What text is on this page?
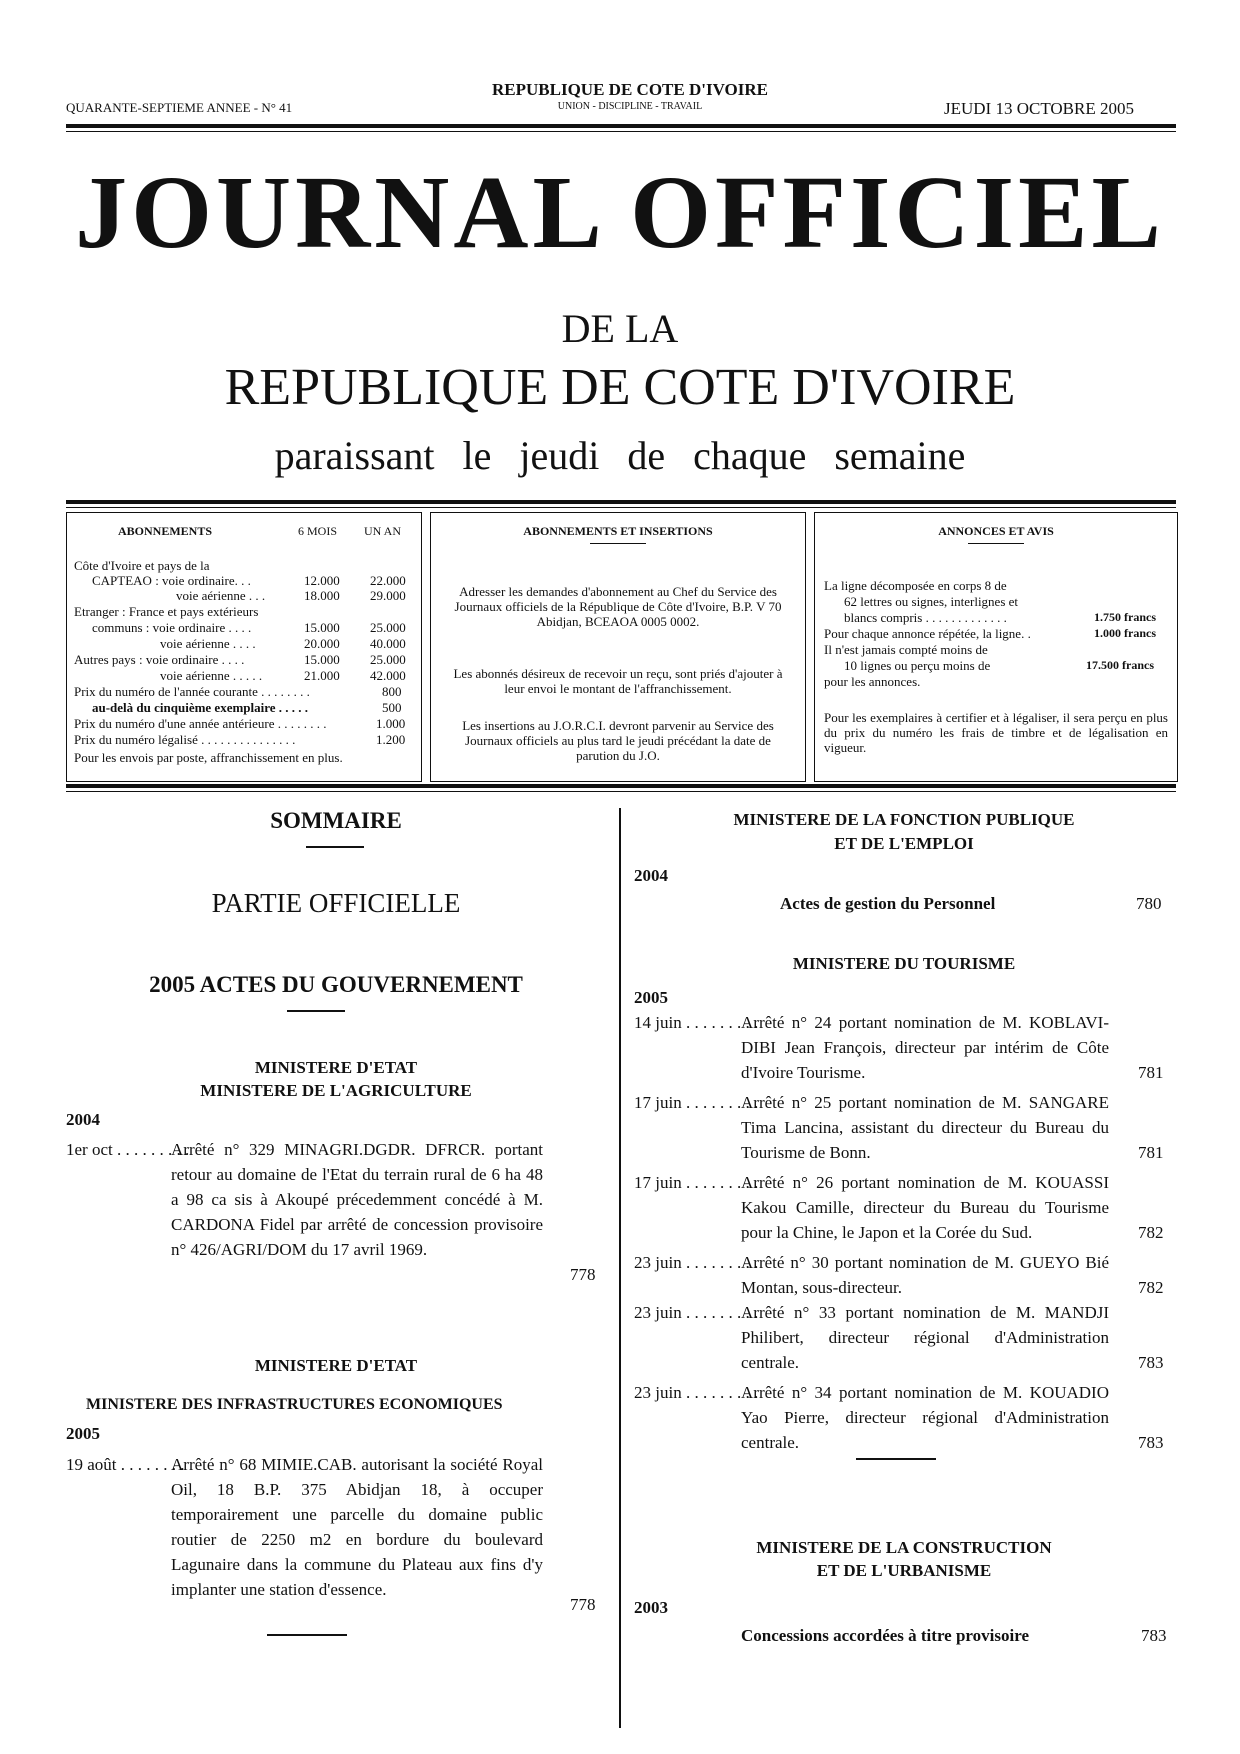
QUARANTE-SEPTIEME ANNEE - N° 41
REPUBLIQUE DE COTE D'IVOIRE
UNION - DISCIPLINE - TRAVAIL	JEUDI 13 OCTOBRE 2005
JOURNAL OFFICIEL
DE LA
REPUBLIQUE DE COTE D'IVOIRE
paraissant le jeudi de chaque semaine
ABONNEMENTS	6 MOIS UN AN
Côte d'Ivoire et pays de la
CAPTEAO : voie ordinaire. . .	12.000 22.000
voie aérienne . . .	18.000 29.000
Etranger : France et pays extérieurs
communs : voie ordinaire . . . .	15.000 25.000
voie aérienne . . . .	20.000 40.000
Autres pays : voie ordinaire . . . .	15.000 25.000
voie aérienne . . . . .	21.000 42.000
Prix du numéro de l'année courante . . . . . . . .	800
au-delà du cinquième exemplaire . . . . .	500
Prix du numéro d'une année antérieure . . . . . . . .	1.000
Prix du numéro légalisé . . . . . . . . . . . . . . .	1.200
Pour les envois par poste, affranchissement en plus.
ABONNEMENTS ET INSERTIONS
Adresser les demandes d'abonnement au Chef du Service des Journaux officiels de la République de Côte d'Ivoire, B.P. V 70 Abidjan, BCEAOA 0005 0002.
Les abonnés désireux de recevoir un reçu, sont priés d'ajouter à leur envoi le montant de l'affranchissement.
Les insertions au J.O.R.C.I. devront parvenir au Service des Journaux officiels au plus tard le jeudi précédant la date de parution du J.O.
ANNONCES ET AVIS
La ligne décomposée en corps 8 de
62 lettres ou signes, interlignes et
blancs compris . . . . . . . . . . . . .	1.750 francs
Pour chaque annonce répétée, la ligne. .	1.000 francs
Il n'est jamais compté moins de
10 lignes ou perçu moins de	17.500 francs
pour les annonces.
Pour les exemplaires à certifier et à légaliser, il sera perçu en plus du prix du numéro les frais de timbre et de légalisation en vigueur.
SOMMAIRE
PARTIE OFFICIELLE
2005 ACTES DU GOUVERNEMENT
MINISTERE D'ETAT
MINISTERE DE L'AGRICULTURE
2004
1er oct . . . . . . . . .
Arrêté n° 329 MINAGRI.DGDR. DFRCR. portant retour au domaine de l'Etat du terrain rural de 6 ha 48 a 98 ca sis à Akoupé précedemment concédé à M. CARDONA Fidel par arrêté de concession provisoire n° 426/AGRI/DOM du 17 avril 1969.
778
MINISTERE D'ETAT
MINISTERE DES INFRASTRUCTURES ECONOMIQUES
2005
19 août . . . . . . . .
Arrêté n° 68 MIMIE.CAB. autorisant la société Royal Oil, 18 B.P. 375 Abidjan 18, à occuper temporairement une parcelle du domaine public routier de 2250 m2 en bordure du boulevard Lagunaire dans la commune du Plateau aux fins d'y implanter une station d'essence.
778
MINISTERE DE LA FONCTION PUBLIQUE
ET DE L'EMPLOI
2004
Actes de gestion du Personnel	780
MINISTERE DU TOURISME
2005
14 juin . . . . . . . . .
Arrêté n° 24 portant nomination de M. KOBLAVI-DIBI Jean François, directeur par intérim de Côte d'Ivoire Tourisme.	781
17 juin . . . . . . . . .
Arrêté n° 25 portant nomination de M. SANGARE Tima Lancina, assistant du directeur du Bureau du Tourisme de Bonn.	781
17 juin . . . . . . . . .
Arrêté n° 26 portant nomination de M. KOUASSI Kakou Camille, directeur du Bureau du Tourisme pour la Chine, le Japon et la Corée du Sud.	782
23 juin . . . . . . . . .
Arrêté n° 30 portant nomination de M. GUEYO Bié Montan, sous-directeur.	782
23 juin . . . . . . . . .
Arrêté n° 33 portant nomination de M. MANDJI Philibert, directeur régional d'Administration centrale.	783
23 juin . . . . . . . . .
Arrêté n° 34 portant nomination de M. KOUADIO Yao Pierre, directeur régional d'Administration centrale.	783
MINISTERE DE LA CONSTRUCTION
ET DE L'URBANISME
2003
Concessions accordées à titre provisoire	783
